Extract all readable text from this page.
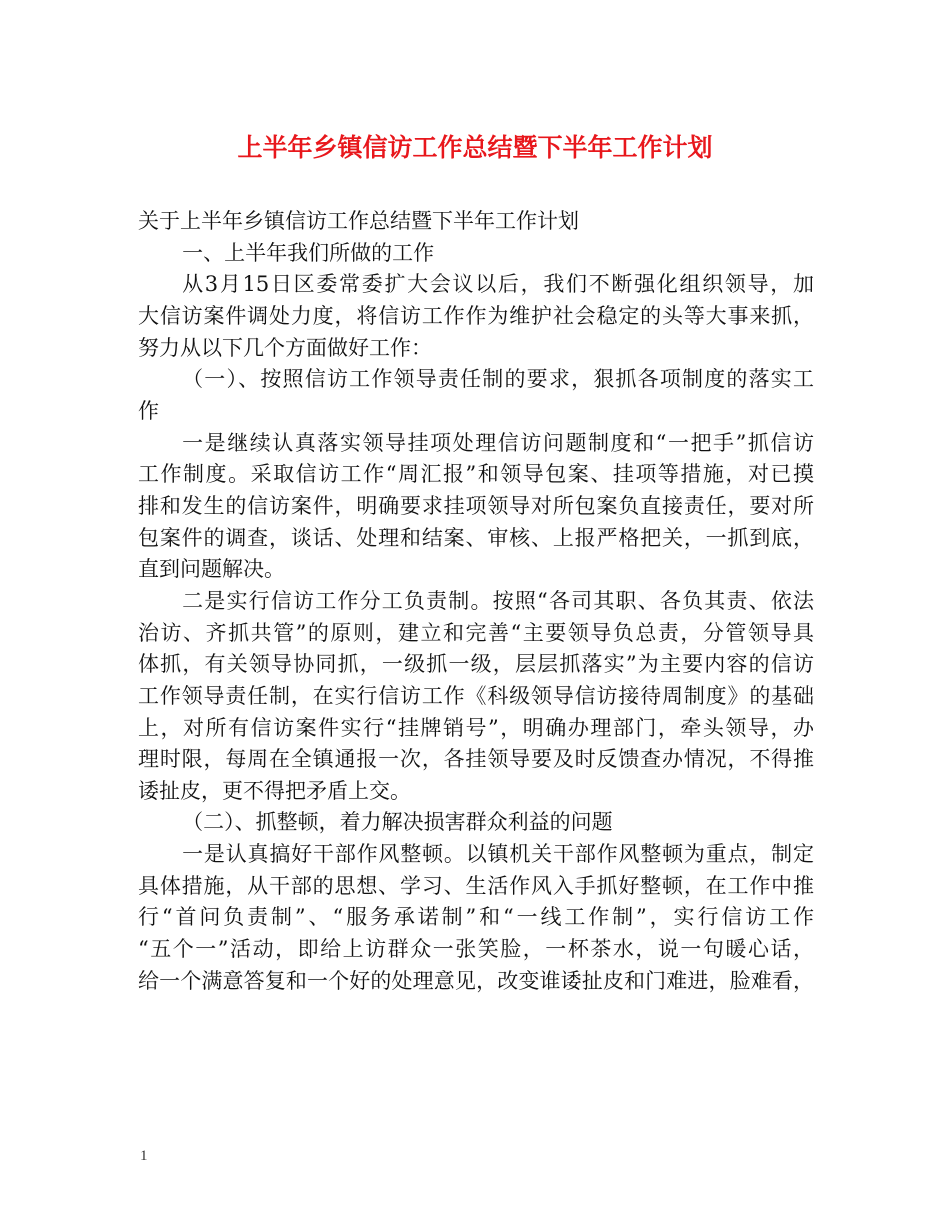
上半年乡镇信访工作总结暨下半年工作计划
关于上半年乡镇信访工作总结暨下半年工作计划
一、上半年我们所做的工作
从3月15日区委常委扩大会议以后，我们不断强化组织领导，加
大信访案件调处力度，将信访工作作为维护社会稳定的头等大事来抓，
努力从以下几个方面做好工作：
（一）、按照信访工作领导责任制的要求，狠抓各项制度的落实工
作
一是继续认真落实领导挂项处理信访问题制度和“一把手”抓信访
工作制度。采取信访工作“周汇报”和领导包案、挂项等措施，对已摸
排和发生的信访案件，明确要求挂项领导对所包案负直接责任，要对所
包案件的调查，谈话、处理和结案、审核、上报严格把关，一抓到底，
直到问题解决。
二是实行信访工作分工负责制。按照“各司其职、各负其责、依法
治访、齐抓共管”的原则，建立和完善“主要领导负总责，分管领导具
体抓，有关领导协同抓，一级抓一级，层层抓落实”为主要内容的信访
工作领导责任制，在实行信访工作《科级领导信访接待周制度》的基础
上，对所有信访案件实行“挂牌销号”，明确办理部门，牵头领导，办
理时限，每周在全镇通报一次，各挂领导要及时反馈查办情况，不得推
诿扯皮，更不得把矛盾上交。
（二）、抓整顿，着力解决损害群众利益的问题
一是认真搞好干部作风整顿。以镇机关干部作风整顿为重点，制定
具体措施，从干部的思想、学习、生活作风入手抓好整顿，在工作中推
行“首问负责制”、“服务承诺制”和“一线工作制”，实行信访工作
“五个一”活动，即给上访群众一张笑脸，一杯茶水，说一句暖心话，
给一个满意答复和一个好的处理意见，改变谁诿扯皮和门难进，脸难看，
1
